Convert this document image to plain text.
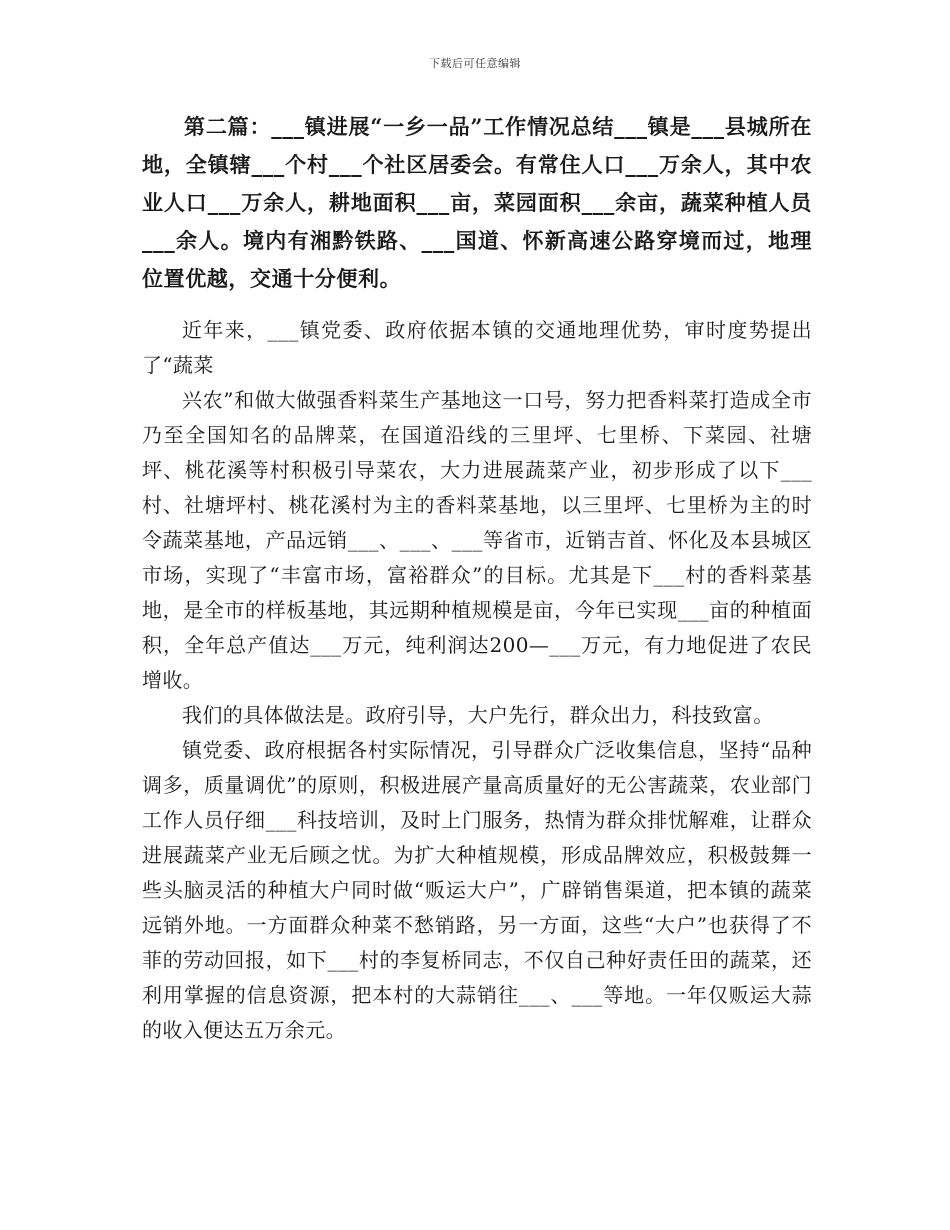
下载后可任意编辑

第二篇：___镇进展“一乡一品”工作情况总结___镇是___县城所在地，全镇辖___个村___个社区居委会。有常住人口___万余人，其中农业人口___万余人，耕地面积___亩，菜园面积___余亩，蔬菜种植人员___余人。境内有湘黔铁路、___国道、怀新高速公路穿境而过，地理位置优越，交通十分便利。

近年来，___镇党委、政府依据本镇的交通地理优势，审时度势提出了“蔬菜

兴农”和做大做强香料菜生产基地这一口号，努力把香料菜打造成全市乃至全国知名的品牌菜，在国道沿线的三里坪、七里桥、下菜园、社塘坪、桃花溪等村积极引导菜农，大力进展蔬菜产业，初步形成了以下___村、社塘坪村、桃花溪村为主的香料菜基地，以三里坪、七里桥为主的时令蔬菜基地，产品远销___、___、___等省市，近销吉首、怀化及本县城区市场，实现了“丰富市场，富裕群众”的目标。尤其是下___村的香料菜基地，是全市的样板基地，其远期种植规模是亩，今年已实现___亩的种植面积，全年总产值达___万元，纯利润达200—___万元，有力地促进了农民增收。

我们的具体做法是。政府引导，大户先行，群众出力，科技致富。

镇党委、政府根据各村实际情况，引导群众广泛收集信息，坚持“品种调多，质量调优”的原则，积极进展产量高质量好的无公害蔬菜，农业部门工作人员仔细___科技培训，及时上门服务，热情为群众排忧解难，让群众进展蔬菜产业无后顾之忧。为扩大种植规模，形成品牌效应，积极鼓舞一些头脑灵活的种植大户同时做“贩运大户”，广辟销售渠道，把本镇的蔬菜远销外地。一方面群众种菜不愁销路，另一方面，这些“大户”也获得了不菲的劳动回报，如下___村的李复桥同志，不仅自己种好责任田的蔬菜，还利用掌握的信息资源，把本村的大蒜销往___、___等地。一年仅贩运大蒜的收入便达五万余元。
